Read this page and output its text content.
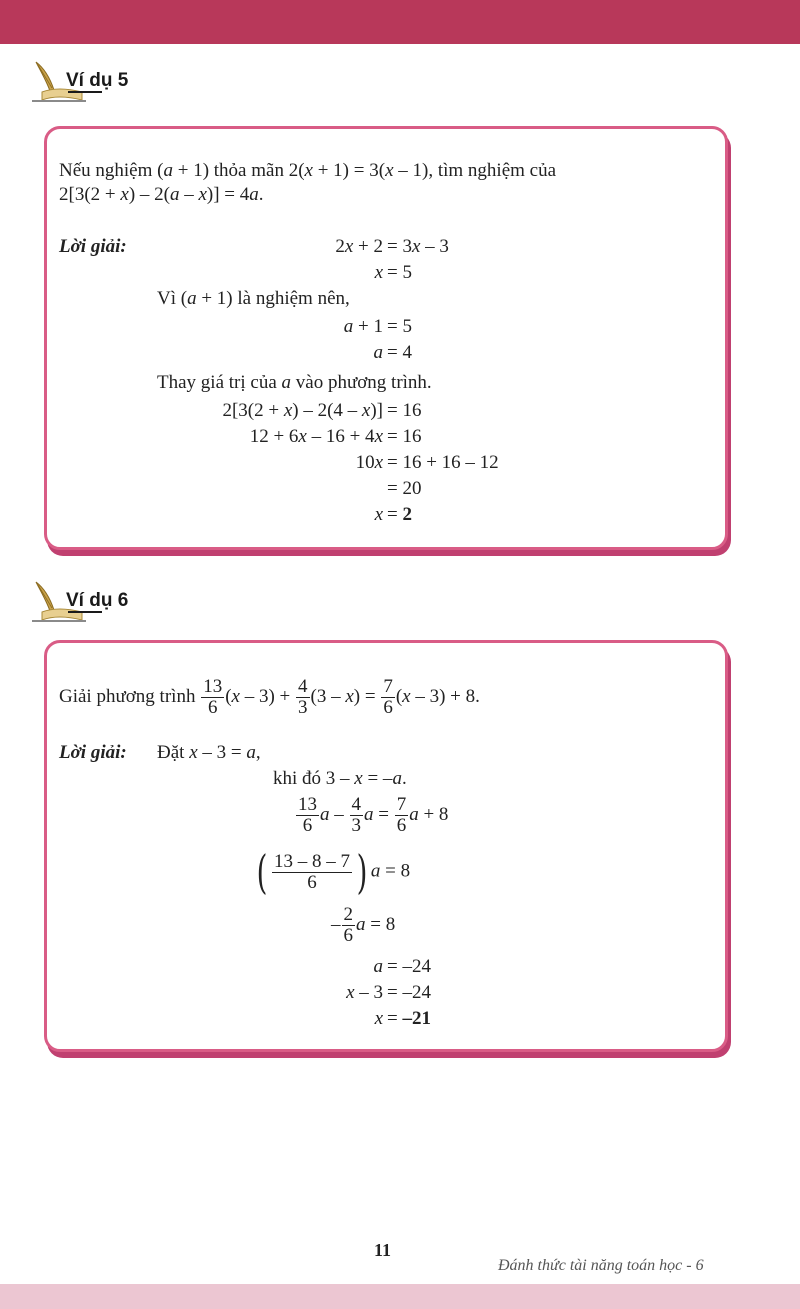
Ví dụ 5
Nếu nghiệm (a + 1) thỏa mãn 2(x + 1) = 3(x – 1), tìm nghiệm của
2[3(2 + x) – 2(a – x)] = 4a.
Lời giải:	2x + 2 = 3x – 3
x = 5
Vì (a + 1) là nghiệm nên,
a + 1 = 5
a = 4
Thay giá trị của a vào phương trình.
2[3(2 + x) – 2(4 – x)] = 16
12 + 6x – 16 + 4x = 16
10x = 16 + 16 – 12
= 20
x = 2
Ví dụ 6
Giải phương trình $\frac{13}{6} (x - 3) + \frac{4}{3} (3 - x) = \frac{7}{6} (x - 3) + 8$.
Lời giải: Đặt x – 3 = a,
khi đó 3 – x = –a.
$\frac{13}{6}$ a – $\frac{4}{3}$ $a = \frac{7}{6}$ a + 8
( $\frac{13 - 8 - 7}{6}$ ) a = 8
– $\frac{2}{6}$ a = 8
a = –24
x – 3 = –24
x = –21
11
Đánh thức tài năng toán học - 6
